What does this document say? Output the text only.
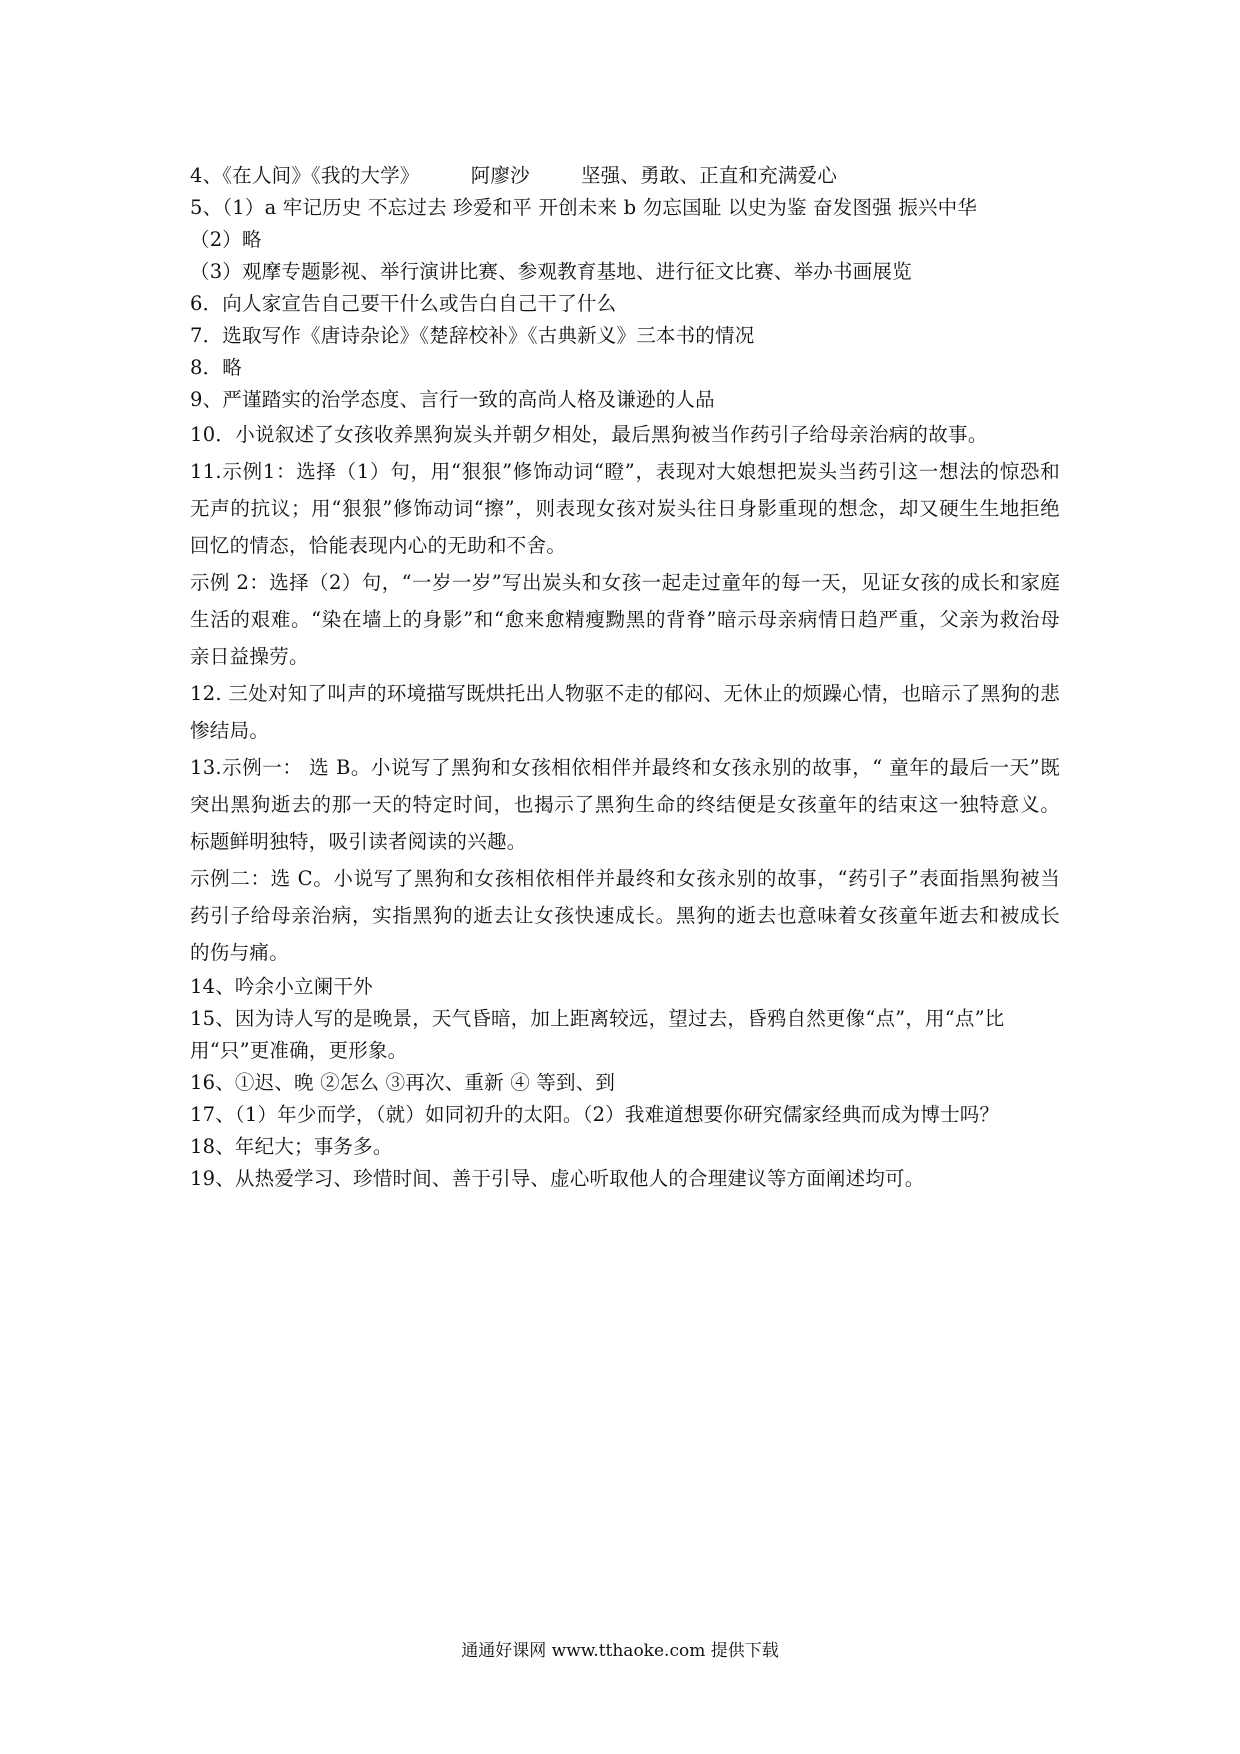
4、《在人间》《我的大学》        阿廖沙        坚强、勇敢、正直和充满爱心

5、（1）a 牢记历史 不忘过去 珍爱和平 开创未来 b 勿忘国耻 以史为鉴 奋发图强 振兴中华

（2）略

（3）观摩专题影视、举行演讲比赛、参观教育基地、进行征文比赛、举办书画展览

6．向人家宣告自己要干什么或告白自己干了什么

7．选取写作《唐诗杂论》《楚辞校补》《古典新义》三本书的情况

8．略

9、严谨踏实的治学态度、言行一致的高尚人格及谦逊的人品

10．小说叙述了女孩收养黑狗炭头并朝夕相处，最后黑狗被当作药引子给母亲治病的故事。

11.示例1：选择（1）句，用“狠狠”修饰动词“瞪”，表现对大娘想把炭头当药引这一想法的惊恐和无声的抗议；用“狠狠”修饰动词“擦”，则表现女孩对炭头往日身影重现的想念，却又硬生生地拒绝回忆的情态，恰能表现内心的无助和不舍。

示例 2：选择（2）句，“一岁一岁”写出炭头和女孩一起走过童年的每一天，见证女孩的成长和家庭生活的艰难。“染在墙上的身影”和“愈来愈精瘦黝黑的背脊”暗示母亲病情日趋严重，父亲为救治母亲日益操劳。

12. 三处对知了叫声的环境描写既烘托出人物驱不走的郁闷、无休止的烦躁心情，也暗示了黑狗的悲惨结局。

13.示例一： 选 B。小说写了黑狗和女孩相依相伴并最终和女孩永别的故事，“ 童年的最后一天”既突出黑狗逝去的那一天的特定时间，也揭示了黑狗生命的终结便是女孩童年的结束这一独特意义。标题鲜明独特，吸引读者阅读的兴趣。

示例二：选 C。小说写了黑狗和女孩相依相伴并最终和女孩永别的故事，“药引子”表面指黑狗被当药引子给母亲治病，实指黑狗的逝去让女孩快速成长。黑狗的逝去也意味着女孩童年逝去和被成长的伤与痛。

14、吟余小立阑干外

15、因为诗人写的是晚景，天气昏暗，加上距离较远，望过去，昏鸦自然更像“点”，用“点”比用“只”更准确，更形象。

16、①迟、晚 ②怎么 ③再次、重新 ④ 等到、到

17、（1）年少而学，（就）如同初升的太阳。（2）我难道想要你研究儒家经典而成为博士吗？

18、年纪大；事务多。

19、从热爱学习、珍惜时间、善于引导、虚心听取他人的合理建议等方面阐述均可。

通通好课网 www.tthaoke.com 提供下载
